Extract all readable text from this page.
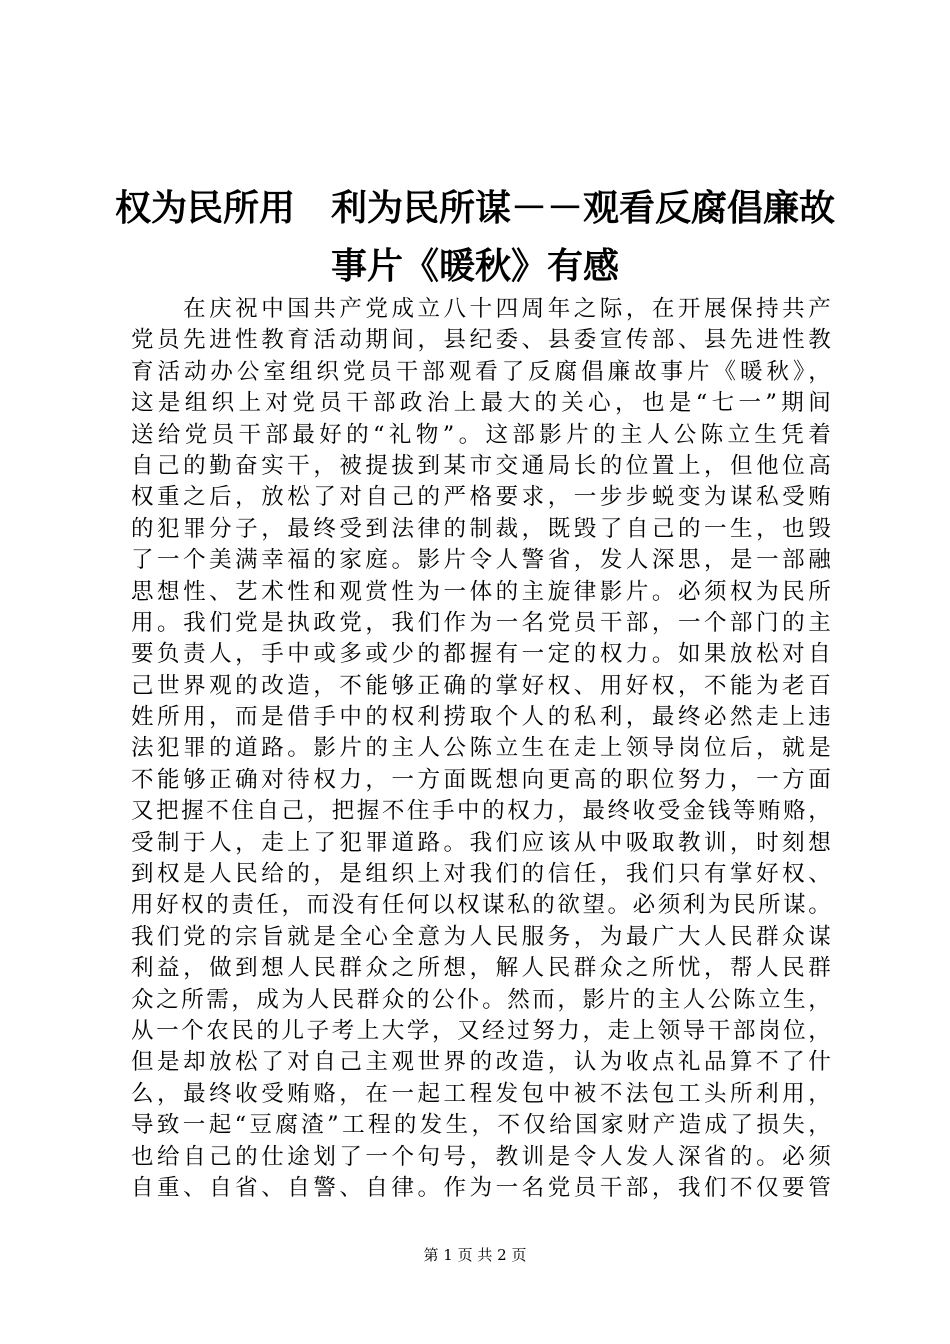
权为民所用　利为民所谋－－观看反腐倡廉故
事片《暖秋》有感
　　在庆祝中国共产党成立八十四周年之际，在开展保持共产
党员先进性教育活动期间，县纪委、县委宣传部、县先进性教
育活动办公室组织党员干部观看了反腐倡廉故事片《暖秋》，
这是组织上对党员干部政治上最大的关心，也是“七一”期间
送给党员干部最好的“礼物”。这部影片的主人公陈立生凭着
自己的勤奋实干，被提拔到某市交通局长的位置上，但他位高
权重之后，放松了对自己的严格要求，一步步蜕变为谋私受贿
的犯罪分子，最终受到法律的制裁，既毁了自己的一生，也毁
了一个美满幸福的家庭。影片令人警省，发人深思，是一部融
思想性、艺术性和观赏性为一体的主旋律影片。必须权为民所
用。我们党是执政党，我们作为一名党员干部，一个部门的主
要负责人，手中或多或少的都握有一定的权力。如果放松对自
己世界观的改造，不能够正确的掌好权、用好权，不能为老百
姓所用，而是借手中的权利捞取个人的私利，最终必然走上违
法犯罪的道路。影片的主人公陈立生在走上领导岗位后，就是
不能够正确对待权力，一方面既想向更高的职位努力，一方面
又把握不住自己，把握不住手中的权力，最终收受金钱等贿赂，
受制于人，走上了犯罪道路。我们应该从中吸取教训，时刻想
到权是人民给的，是组织上对我们的信任，我们只有掌好权、
用好权的责任，而没有任何以权谋私的欲望。必须利为民所谋。
我们党的宗旨就是全心全意为人民服务，为最广大人民群众谋
利益，做到想人民群众之所想，解人民群众之所忧，帮人民群
众之所需，成为人民群众的公仆。然而，影片的主人公陈立生，
从一个农民的儿子考上大学，又经过努力，走上领导干部岗位，
但是却放松了对自己主观世界的改造，认为收点礼品算不了什
么，最终收受贿赂，在一起工程发包中被不法包工头所利用，
导致一起“豆腐渣”工程的发生，不仅给国家财产造成了损失，
也给自己的仕途划了一个句号，教训是令人发人深省的。必须
自重、自省、自警、自律。作为一名党员干部，我们不仅要管
第 1 页 共 2 页
